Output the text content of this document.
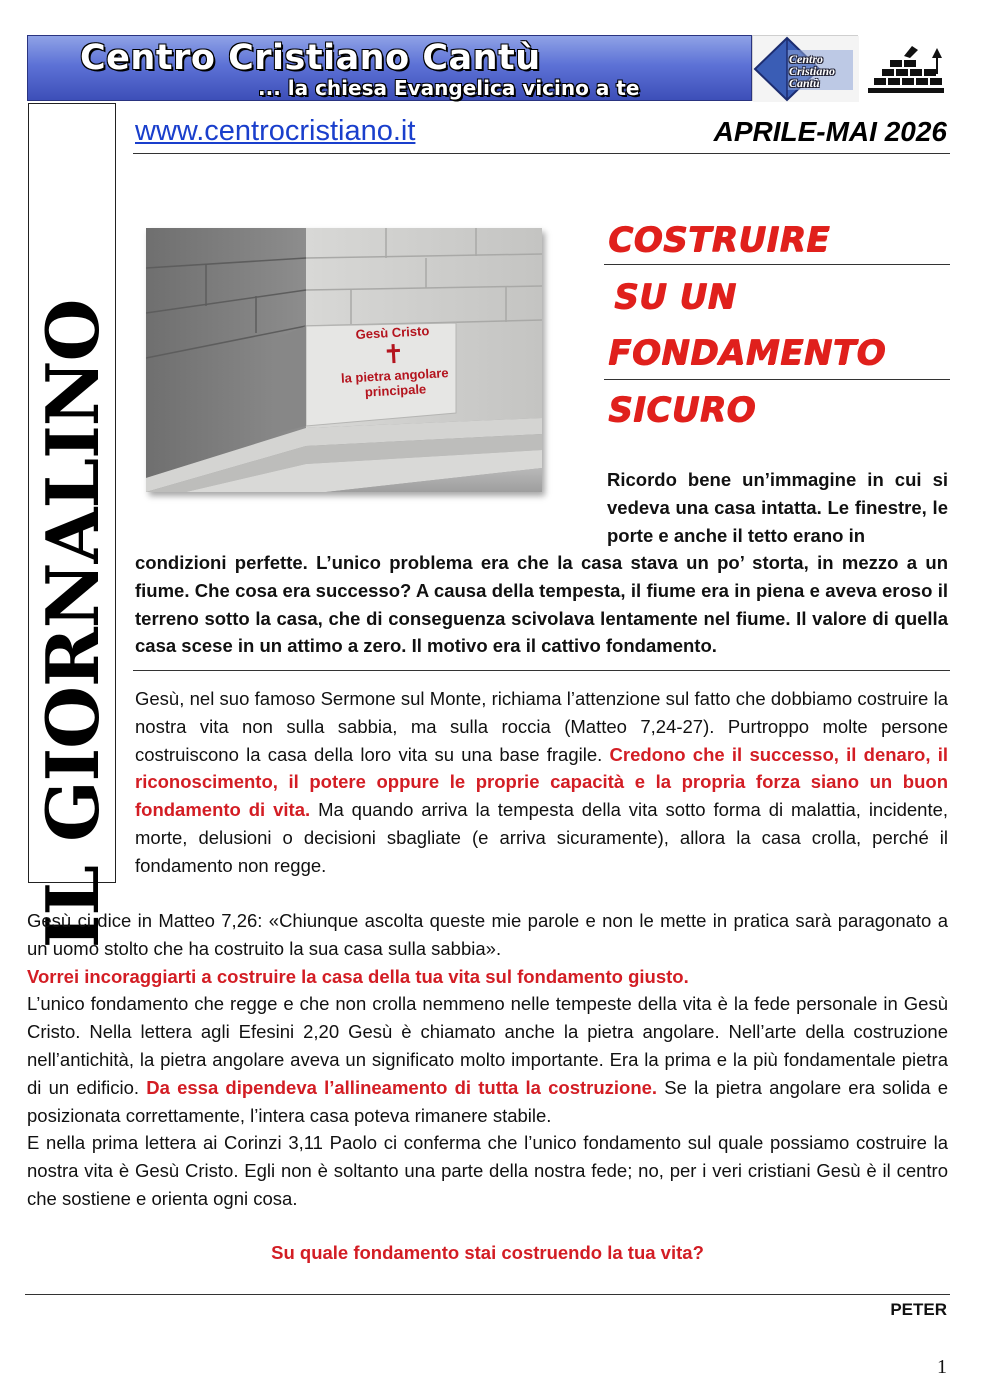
Centro Cristiano Cantù
... la chiesa Evangelica vicino a te
Centro
Cristiano
Cantù
IL GIORNALINO
www.centrocristiano.it	APRILE-MAI 2026
Gesù Cristo
✝
la pietra angolare principale
COSTRUIRE
SU UN
FONDAMENTO
SICURO
Ricordo bene un’immagine in cui si vedeva una casa intatta. Le finestre, le porte e anche il tetto erano in
condizioni perfette. L’unico problema era che la casa stava un po’ storta, in mezzo a un fiume. Che cosa era successo? A causa della tempesta, il fiume era in piena e aveva eroso il terreno sotto la casa, che di conseguenza scivolava lentamente nel fiume. Il valore di quella casa scese in un attimo a zero. Il motivo era il cattivo fondamento.
Gesù, nel suo famoso Sermone sul Monte, richiama l’attenzione sul fatto che dobbiamo costruire la nostra vita non sulla sabbia, ma sulla roccia (Matteo 7,24-27). Purtroppo molte persone costruiscono la casa della loro vita su una base fragile. Credono che il successo, il denaro, il riconoscimento, il potere oppure le proprie capacità e la propria forza siano un buon fondamento di vita. Ma quando arriva la tempesta della vita sotto forma di malattia, incidente, morte, delusioni o decisioni sbagliate (e arriva sicuramente), allora la casa crolla, perché il fondamento non regge.
Gesù ci dice in Matteo 7,26: «Chiunque ascolta queste mie parole e non le mette in pratica sarà paragonato a un uomo stolto che ha costruito la sua casa sulla sabbia».
Vorrei incoraggiarti a costruire la casa della tua vita sul fondamento giusto.
L’unico fondamento che regge e che non crolla nemmeno nelle tempeste della vita è la fede personale in Gesù Cristo. Nella lettera agli Efesini 2,20 Gesù è chiamato anche la pietra angolare. Nell’arte della costruzione nell’antichità, la pietra angolare aveva un significato molto importante. Era la prima e la più fondamentale pietra di un edificio. Da essa dipendeva l’allineamento di tutta la costruzione. Se la pietra angolare era solida e posizionata correttamente, l’intera casa poteva rimanere stabile.
E nella prima lettera ai Corinzi 3,11 Paolo ci conferma che l’unico fondamento sul quale possiamo costruire la nostra vita è Gesù Cristo. Egli non è soltanto una parte della nostra fede; no, per i veri cristiani Gesù è il centro che sostiene e orienta ogni cosa.
Su quale fondamento stai costruendo la tua vita?
PETER
1
